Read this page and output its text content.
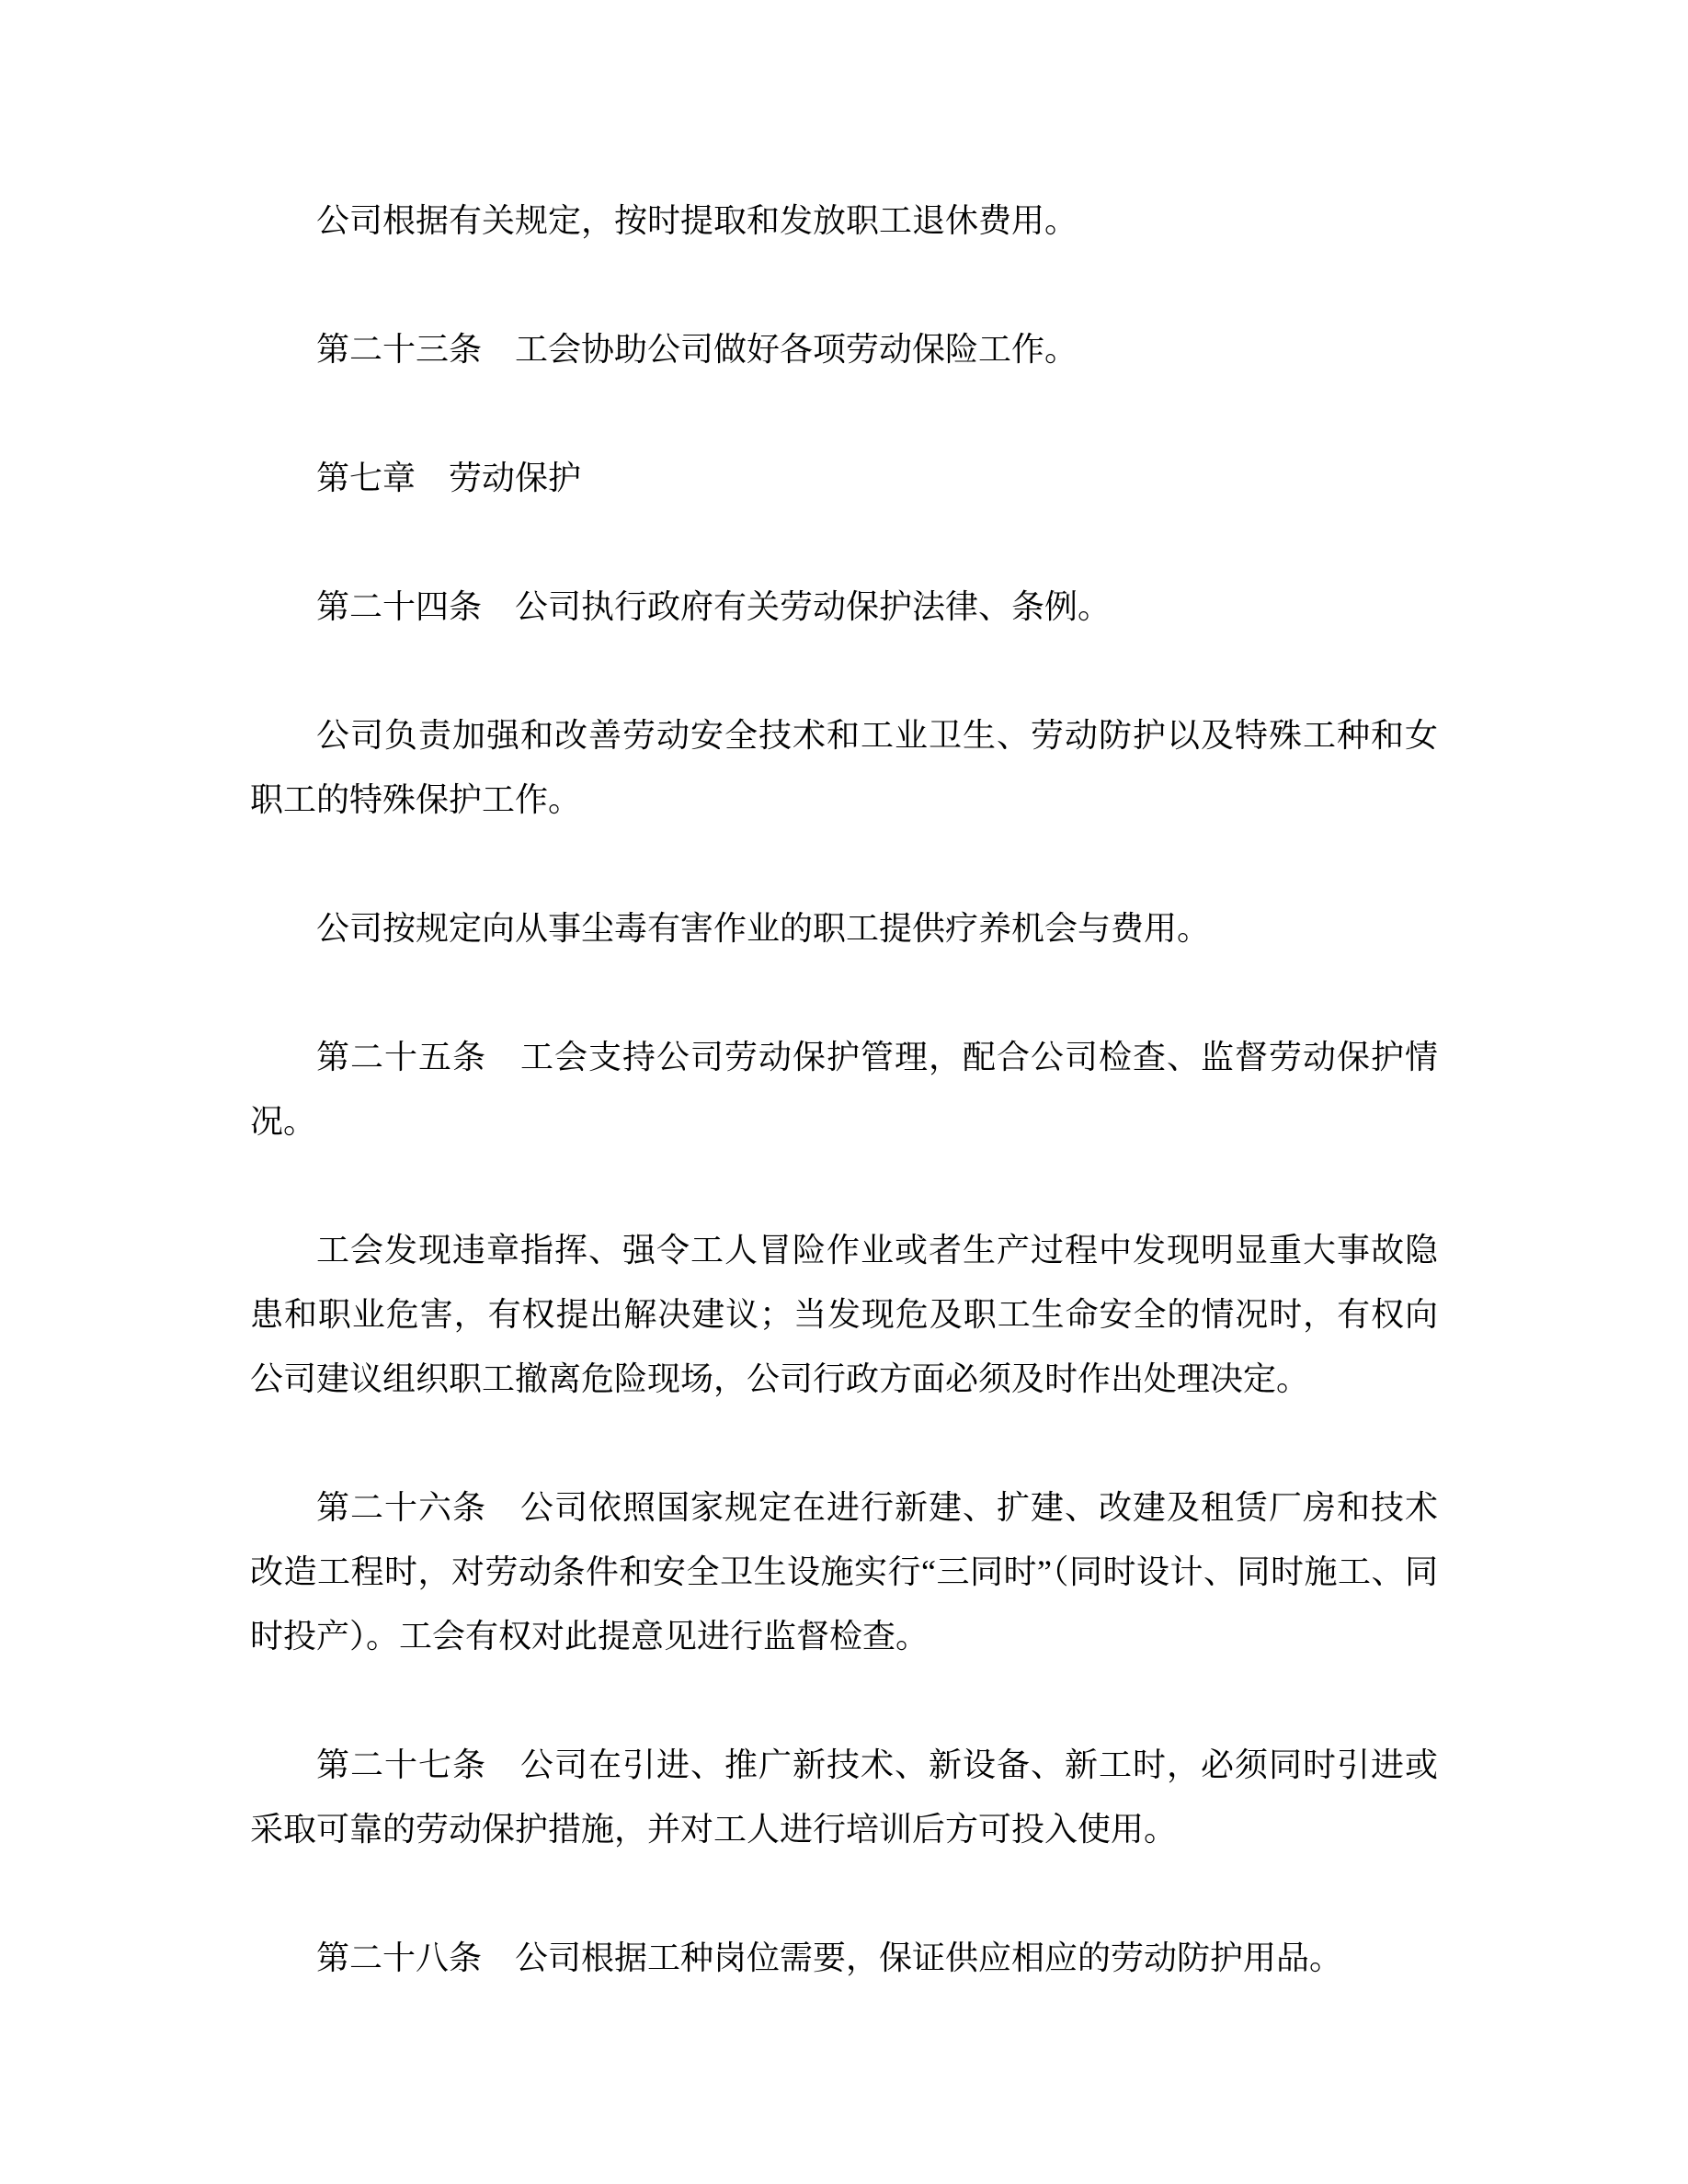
公司根据有关规定，按时提取和发放职工退休费用。

第二十三条　工会协助公司做好各项劳动保险工作。

第七章　劳动保护

第二十四条　公司执行政府有关劳动保护法律、条例。

公司负责加强和改善劳动安全技术和工业卫生、劳动防护以及特殊工种和女职工的特殊保护工作。

公司按规定向从事尘毒有害作业的职工提供疗养机会与费用。

第二十五条　工会支持公司劳动保护管理，配合公司检查、监督劳动保护情况。

工会发现违章指挥、强令工人冒险作业或者生产过程中发现明显重大事故隐患和职业危害，有权提出解决建议；当发现危及职工生命安全的情况时，有权向公司建议组织职工撤离危险现场，公司行政方面必须及时作出处理决定。

第二十六条　公司依照国家规定在进行新建、扩建、改建及租赁厂房和技术改造工程时，对劳动条件和安全卫生设施实行“三同时”（同时设计、同时施工、同时投产）。工会有权对此提意见进行监督检查。

第二十七条　公司在引进、推广新技术、新设备、新工时，必须同时引进或采取可靠的劳动保护措施，并对工人进行培训后方可投入使用。

第二十八条　公司根据工种岗位需要，保证供应相应的劳动防护用品。
